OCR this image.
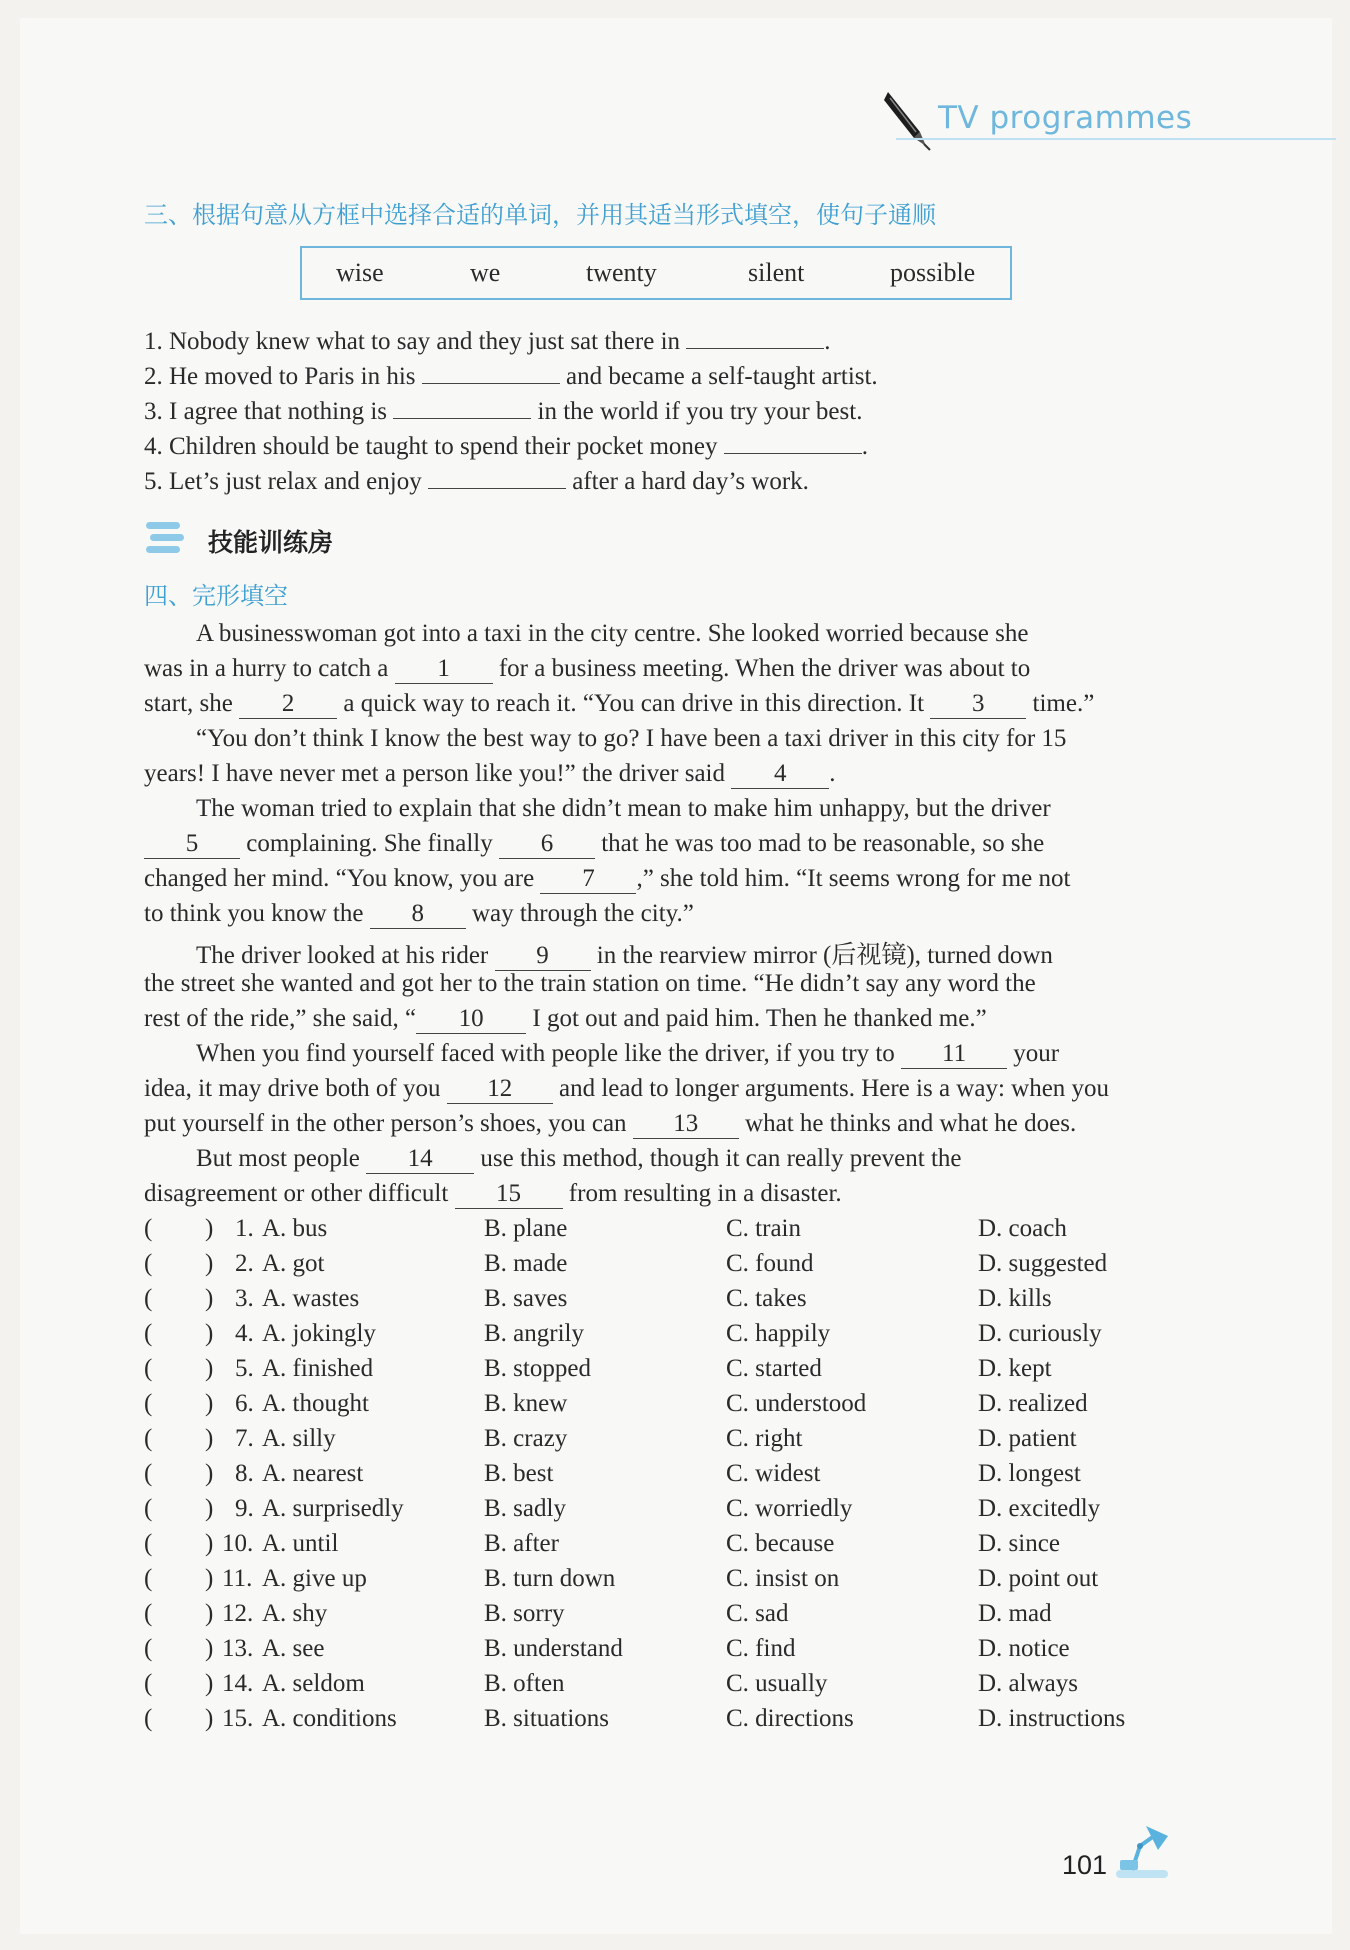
TV programmes
三、根据句意从方框中选择合适的单词，并用其适当形式填空，使句子通顺
wise	we	twenty	silent	possible
1. Nobody knew what to say and they just sat there in	.
2. He moved to Paris in his	and became a self-taught artist.
3. I agree that nothing is	in the world if you try your best.
4. Children should be taught to spend their pocket money	.
5. Let’s just relax and enjoy	after a hard day’s work.
技能训练房
四、完形填空
A businesswoman got into a taxi in the city centre. She looked worried because she
was in a hurry to catch a 1 for a business meeting. When the driver was about to
start, she 2 a quick way to reach it. “You can drive in this direction. It 3 time.”
“You don’t think I know the best way to go? I have been a taxi driver in this city for 15
years! I have never met a person like you!” the driver said 4 .
The woman tried to explain that she didn’t mean to make him unhappy, but the driver
5 complaining. She finally 6 that he was too mad to be reasonable, so she
changed her mind. “You know, you are 7 ,” she told him. “It seems wrong for me not
to think you know the 8 way through the city.”
The driver looked at his rider 9 in the rearview mirror (后视镜), turned down
the street she wanted and got her to the train station on time. “He didn’t say any word the
rest of the ride,” she said, “ 10 I got out and paid him. Then he thanked me.”
When you find yourself faced with people like the driver, if you try to 11 your
idea, it may drive both of you 12 and lead to longer arguments. Here is a way: when you
put yourself in the other person’s shoes, you can 13 what he thinks and what he does.
But most people 14 use this method, though it can really prevent the
disagreement or other difficult 15 from resulting in a disaster.
( ) 1. A. bus	B. plane	C. train	D. coach
( ) 2. A. got	B. made	C. found	D. suggested
( ) 3. A. wastes	B. saves	C. takes	D. kills
( ) 4. A. jokingly	B. angrily	C. happily	D. curiously
( ) 5. A. finished	B. stopped	C. started	D. kept
( ) 6. A. thought	B. knew	C. understood	D. realized
( ) 7. A. silly	B. crazy	C. right	D. patient
( ) 8. A. nearest	B. best	C. widest	D. longest
( ) 9. A. surprisedly	B. sadly	C. worriedly	D. excitedly
( ) 10. A. until	B. after	C. because	D. since
( ) 11. A. give up	B. turn down	C. insist on	D. point out
( ) 12. A. shy	B. sorry	C. sad	D. mad
( ) 13. A. see	B. understand	C. find	D. notice
( ) 14. A. seldom	B. often	C. usually	D. always
( ) 15. A. conditions	B. situations	C. directions	D. instructions
101
